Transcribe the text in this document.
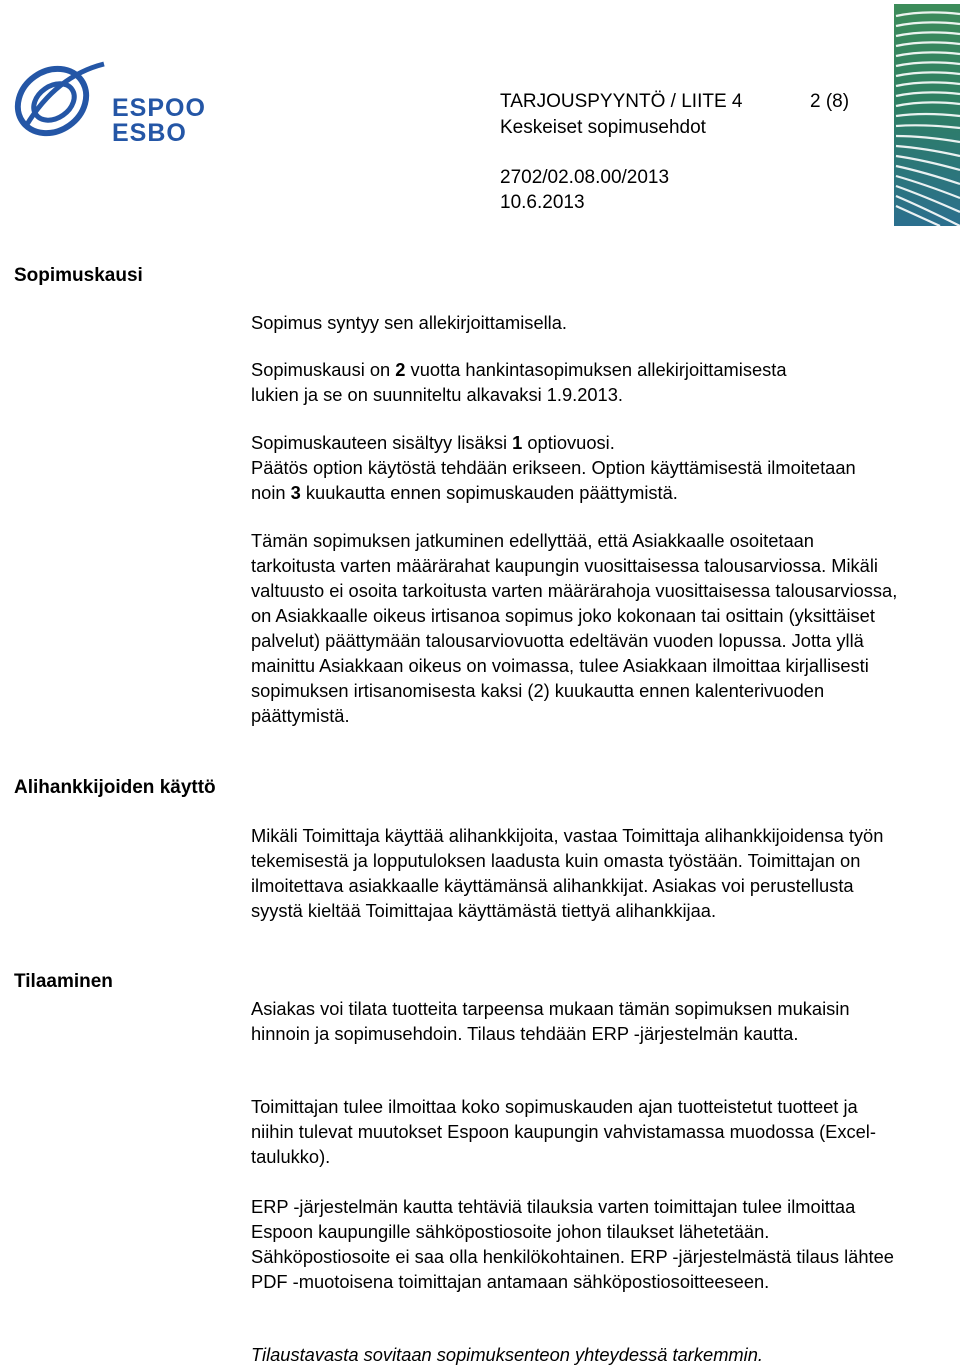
ESPOO
ESBO
TARJOUSPYYNTÖ / LIITE 4	2 (8)
Keskeiset sopimusehdot
2702/02.08.00/2013
10.6.2013
Sopimuskausi
Alihankkijoiden käyttö
Tilaaminen

Sopimus syntyy sen allekirjoittamisella.

Sopimuskausi on 2 vuotta hankintasopimuksen allekirjoittamisesta lukien ja se on suunniteltu alkavaksi 1.9.2013.

Sopimuskauteen sisältyy lisäksi 1 optiovuosi.
Päätös option käytöstä tehdään erikseen. Option käyttämisestä ilmoitetaan noin 3 kuukautta ennen sopimuskauden päättymistä.

Tämän sopimuksen jatkuminen edellyttää, että Asiakkaalle osoitetaan tarkoitusta varten määrärahat kaupungin vuosittaisessa talousarviossa. Mikäli valtuusto ei osoita tarkoitusta varten määrärahoja vuosittaisessa talousarviossa, on Asiakkaalle oikeus irtisanoa sopimus joko kokonaan tai osittain (yksittäiset palvelut) päättymään talousarviovuotta edeltävän vuoden lopussa. Jotta yllä mainittu Asiakkaan oikeus on voimassa, tulee Asiakkaan ilmoittaa kirjallisesti sopimuksen irtisanomisesta kaksi (2) kuukautta ennen kalenterivuoden päättymistä.

Mikäli Toimittaja käyttää alihankkijoita, vastaa Toimittaja alihankkijoidensa työn tekemisestä ja lopputuloksen laadusta kuin omasta työstään. Toimittajan on ilmoitettava asiakkaalle käyttämänsä alihankkijat. Asiakas voi perustellusta syystä kieltää Toimittajaa käyttämästä tiettyä alihankkijaa.

Asiakas voi tilata tuotteita tarpeensa mukaan tämän sopimuksen mukaisin hinnoin ja sopimusehdoin. Tilaus tehdään ERP -järjestelmän kautta.

Toimittajan tulee ilmoittaa koko sopimuskauden ajan tuotteistetut tuotteet ja niihin tulevat muutokset Espoon kaupungin vahvistamassa muodossa (Excel-taulukko).

ERP -järjestelmän kautta tehtäviä tilauksia varten toimittajan tulee ilmoittaa Espoon kaupungille sähköpostiosoite johon tilaukset lähetetään. Sähköpostiosoite ei saa olla henkilökohtainen. ERP -järjestelmästä tilaus lähtee PDF -muotoisena toimittajan antamaan sähköpostiosoitteeseen.

Tilaustavasta sovitaan sopimuksenteon yhteydessä tarkemmin.
